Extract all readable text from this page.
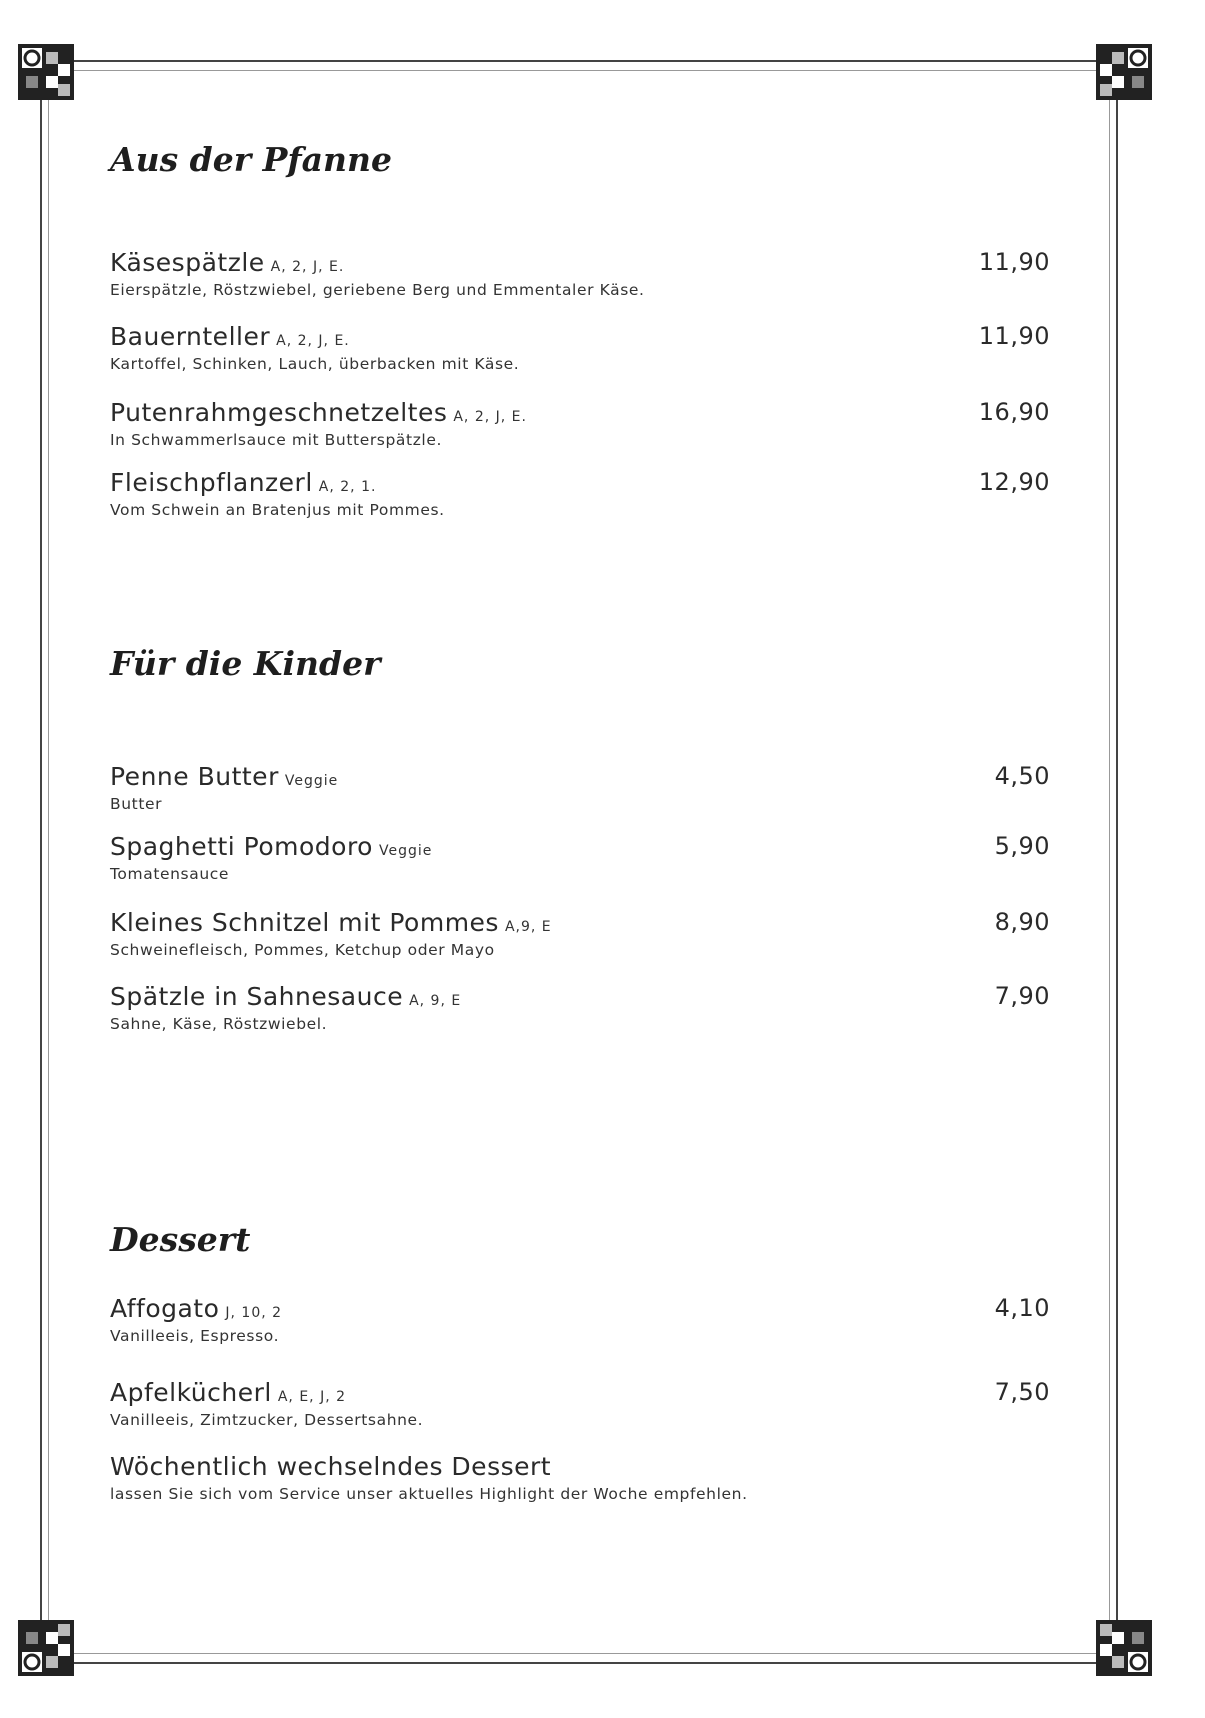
Aus der Pfanne
Käsespätzle A, 2, J, E.
Eierspätzle, Röstzwiebel, geriebene Berg und Emmentaler Käse.
11,90
Bauernteller A, 2, J, E.
Kartoffel, Schinken, Lauch, überbacken mit Käse.
11,90
Putenrahmgeschnetzeltes A, 2, J, E.
In Schwammerlsauce mit Butterspätzle.
16,90
Fleischpflanzerl A, 2, 1.
Vom Schwein an Bratenjus mit Pommes.
12,90
Für die Kinder
Penne Butter Veggie
Butter
4,50
Spaghetti Pomodoro Veggie
Tomatensauce
5,90
Kleines Schnitzel mit Pommes A,9, E
Schweinefleisch, Pommes, Ketchup oder Mayo
8,90
Spätzle in Sahnesauce A, 9, E
Sahne, Käse, Röstzwiebel.
7,90
Dessert
Affogato J, 10, 2
Vanilleeis, Espresso.
4,10
Apfelkücherl A, E, J, 2
Vanilleeis, Zimtzucker, Dessertsahne.
7,50
Wöchentlich wechselndes Dessert
lassen Sie sich vom Service unser aktuelles Highlight der Woche empfehlen.
